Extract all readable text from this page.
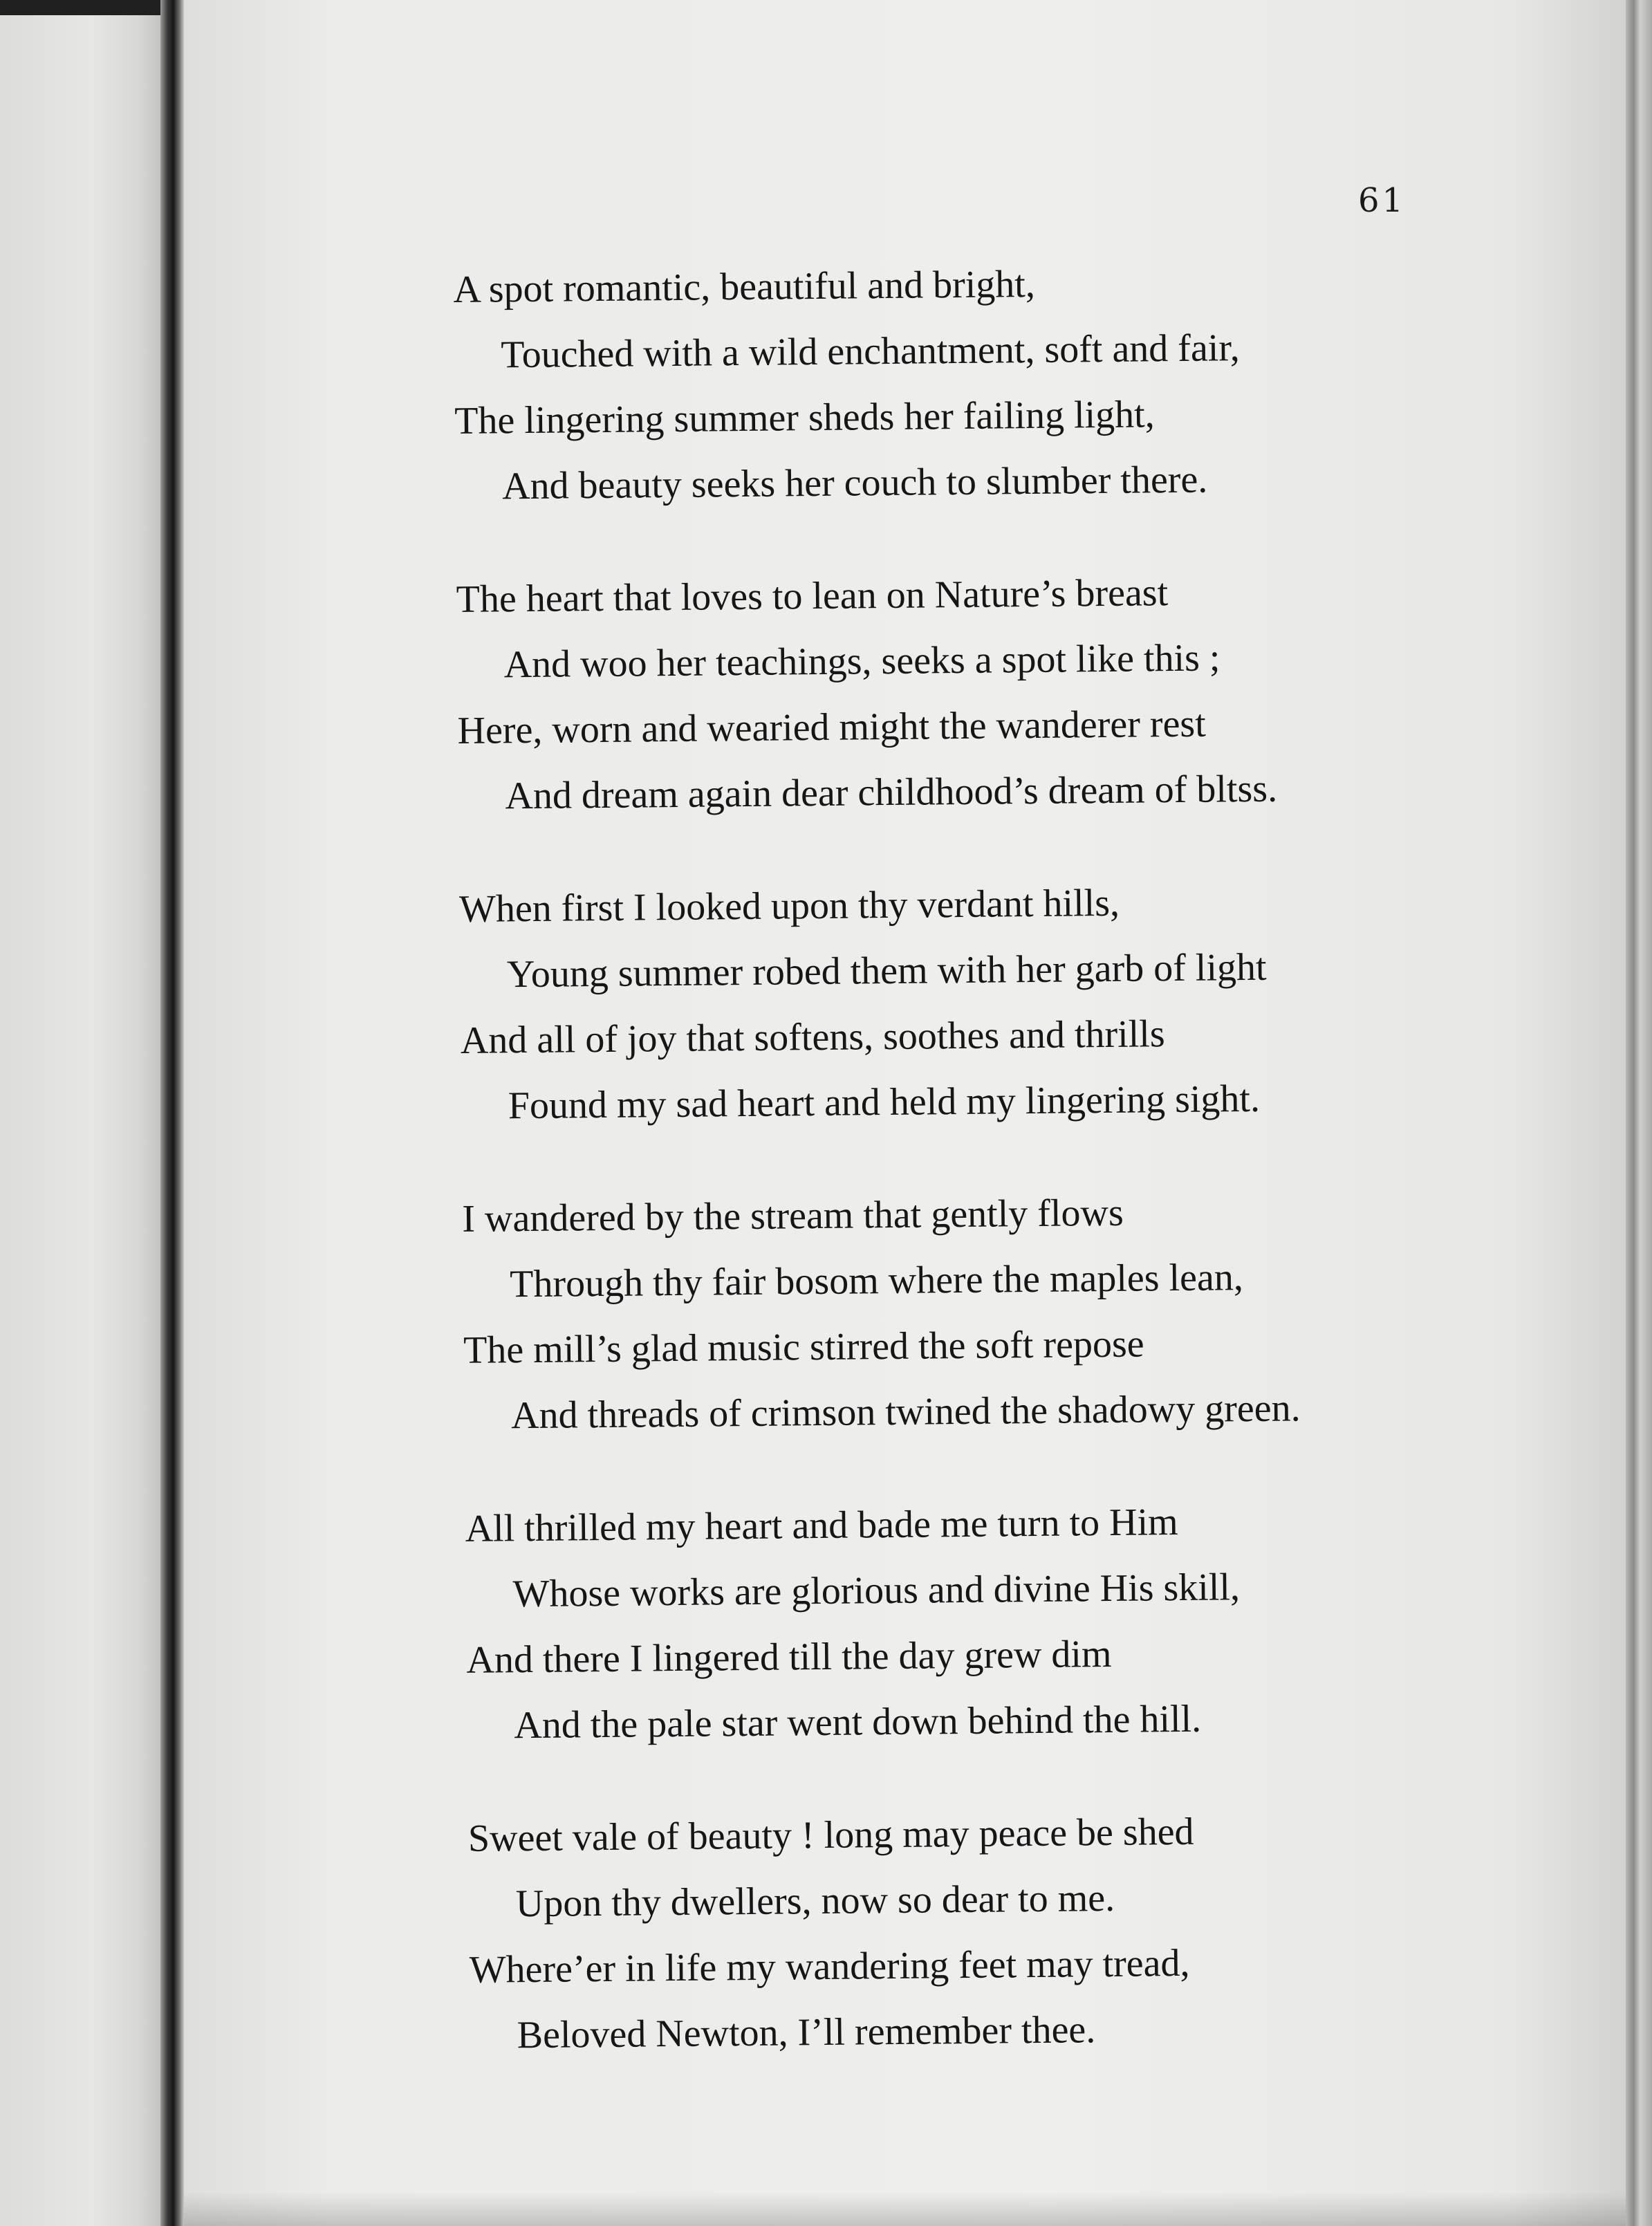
61

A spot romantic, beautiful and bright,

Touched with a wild enchantment, soft and fair,

The lingering summer sheds her failing light,

And beauty seeks her couch to slumber there.

The heart that loves to lean on Nature’s breast

And woo her teachings, seeks a spot like this ;

Here, worn and wearied might the wanderer rest

And dream again dear childhood’s dream of bltss.

When first I looked upon thy verdant hills,

Young summer robed them with her garb of light

And all of joy that softens, soothes and thrills

Found my sad heart and held my lingering sight.

I wandered by the stream that gently flows

Through thy fair bosom where the maples lean,

The mill’s glad music stirred the soft repose

And threads of crimson twined the shadowy green.

All thrilled my heart and bade me turn to Him

Whose works are glorious and divine His skill,

And there I lingered till the day grew dim

And the pale star went down behind the hill.

Sweet vale of beauty ! long may peace be shed

Upon thy dwellers, now so dear to me.

Where’er in life my wandering feet may tread,

Beloved Newton, I’ll remember thee.
